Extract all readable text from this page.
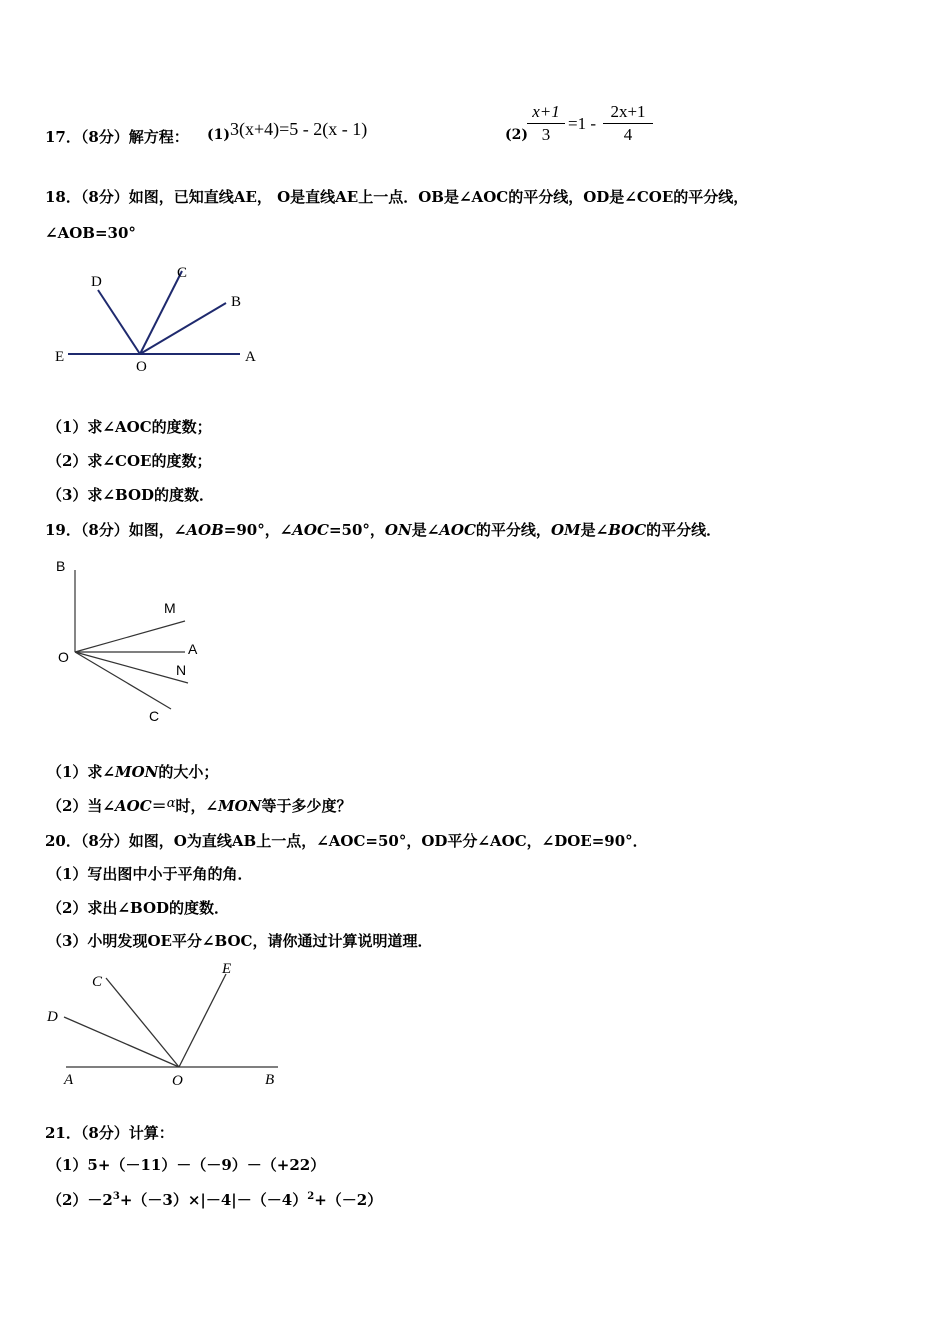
17．（8分）解方程： (1) 3(x+4)=5 - 2(x - 1)	(2)
x+1
3
=1 -
2x+1
4
18．（8分）如图，已知直线AE， O是直线AE上一点．OB是∠AOC的平分线，OD是∠COE的平分线，
∠AOB=30°
D
C
B
E
O
A
（1）求∠AOC的度数；
（2）求∠COE的度数；
（3）求∠BOD的度数．
19．（8分）如图，∠AOB=90°，∠AOC=50°，ON是∠AOC的平分线，OM是∠BOC的平分线．
B
M
A
O
N
C
（1）求∠MON的大小；
（2）当∠AOC＝α时，∠MON等于多少度？
20．（8分）如图，O为直线AB上一点，∠AOC=50°，OD平分∠AOC，∠DOE=90°．
（1）写出图中小于平角的角．
（2）求出∠BOD的度数．
（3）小明发现OE平分∠BOC，请你通过计算说明道理．
C
E
D
A	O	B
21．（8分）计算：
（1）5+（－11）－（－9）－（+22）
$(2)-2^3+(-3)\times|-4|-(-4)^2+(-2)$
